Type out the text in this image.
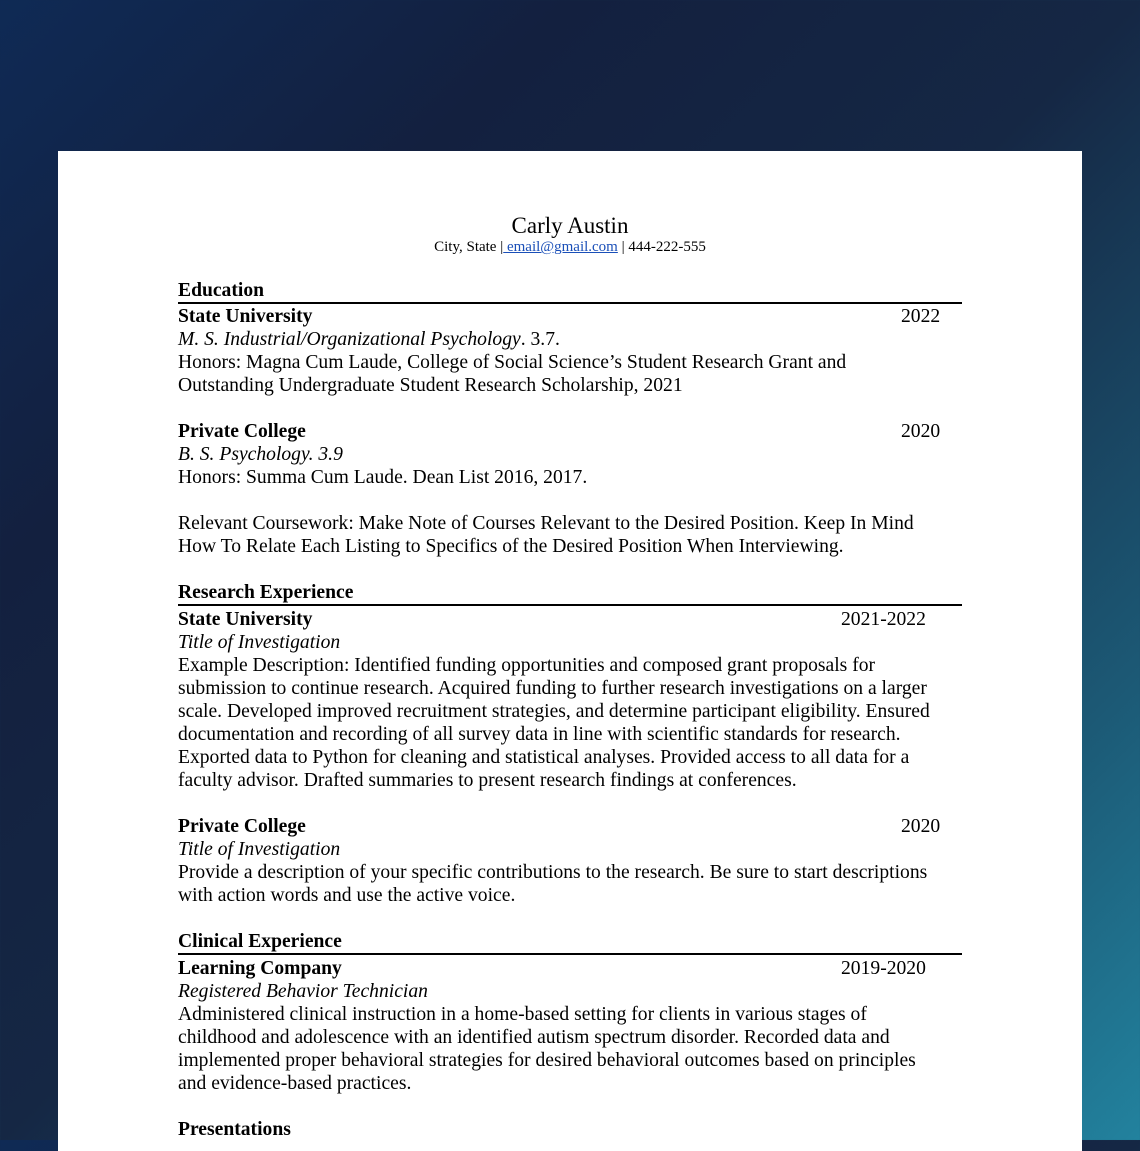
Carly Austin
City, State | email@gmail.com | 444-222-555
Education
State University	2022
M. S. Industrial/Organizational Psychology. 3.7.
Honors: Magna Cum Laude, College of Social Science’s Student Research Grant and
Outstanding Undergraduate Student Research Scholarship, 2021
Private College	2020
B. S. Psychology. 3.9
Honors: Summa Cum Laude. Dean List 2016, 2017.
Relevant Coursework: Make Note of Courses Relevant to the Desired Position. Keep In Mind
How To Relate Each Listing to Specifics of the Desired Position When Interviewing.
Research Experience
State University	2021-2022
Title of Investigation
Example Description: Identified funding opportunities and composed grant proposals for
submission to continue research. Acquired funding to further research investigations on a larger
scale. Developed improved recruitment strategies, and determine participant eligibility. Ensured
documentation and recording of all survey data in line with scientific standards for research.
Exported data to Python for cleaning and statistical analyses. Provided access to all data for a
faculty advisor. Drafted summaries to present research findings at conferences.
Private College	2020
Title of Investigation
Provide a description of your specific contributions to the research. Be sure to start descriptions
with action words and use the active voice.
Clinical Experience
Learning Company	2019-2020
Registered Behavior Technician
Administered clinical instruction in a home-based setting for clients in various stages of
childhood and adolescence with an identified autism spectrum disorder. Recorded data and
implemented proper behavioral strategies for desired behavioral outcomes based on principles
and evidence-based practices.
Presentations
